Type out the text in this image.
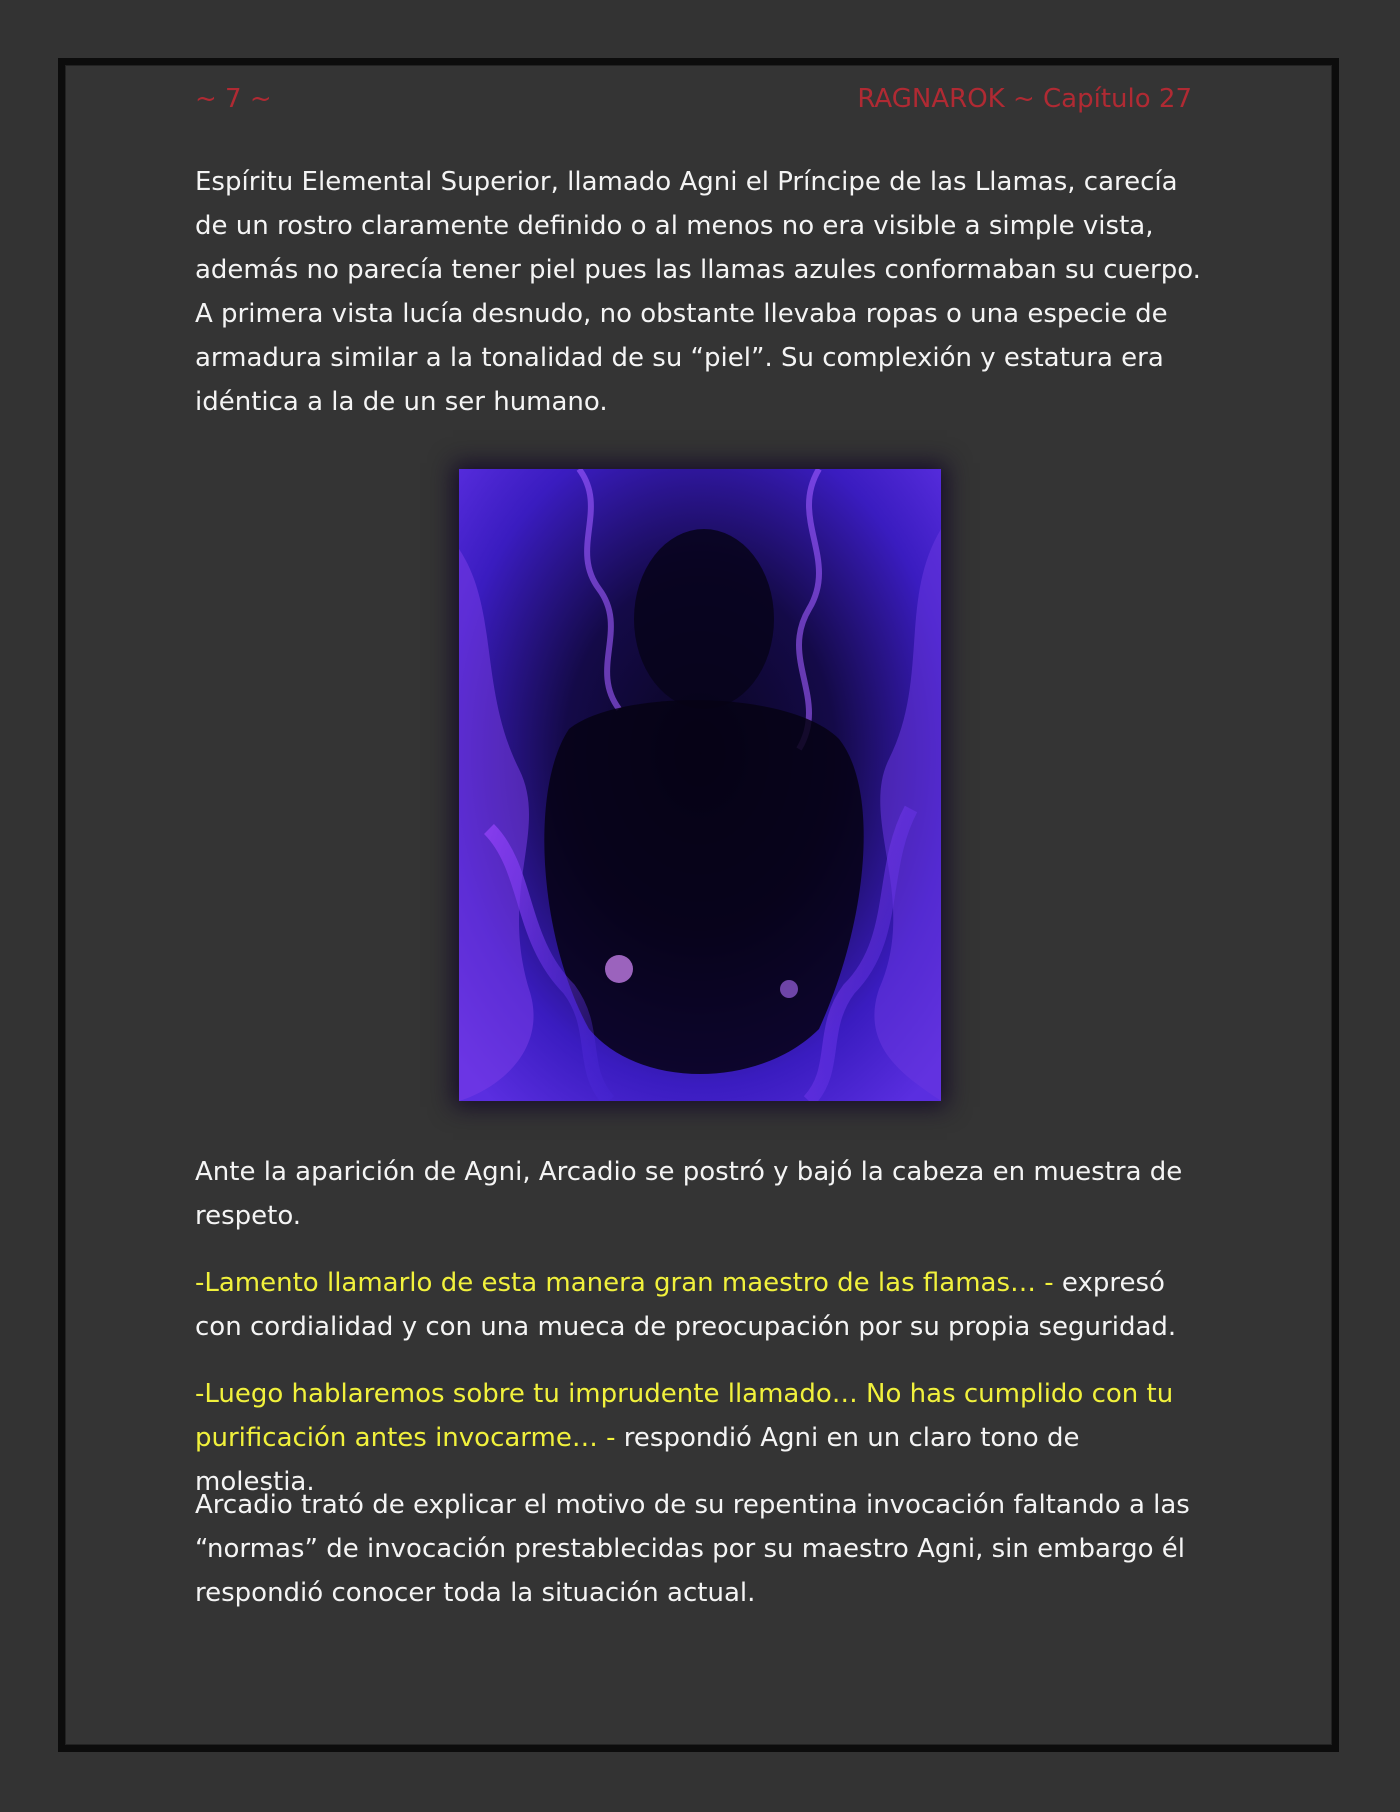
~ 7 ~	RAGNAROK ~ Capítulo 27

Espíritu Elemental Superior, llamado Agni el Príncipe de las Llamas, carecía de un rostro claramente definido o al menos no era visible a simple vista, además no parecía tener piel pues las llamas azules conformaban su cuerpo. A primera vista lucía desnudo, no obstante llevaba ropas o una especie de armadura similar a la tonalidad de su “piel”. Su complexión y estatura era idéntica a la de un ser humano.

Ante la aparición de Agni, Arcadio se postró y bajó la cabeza en muestra de respeto.

-Lamento llamarlo de esta manera gran maestro de las flamas… - expresó con cordialidad y con una mueca de preocupación por su propia seguridad.

-Luego hablaremos sobre tu imprudente llamado… No has cumplido con tu purificación antes invocarme… - respondió Agni en un claro tono de molestia.

Arcadio trató de explicar el motivo de su repentina invocación faltando a las “normas” de invocación prestablecidas por su maestro Agni, sin embargo él respondió conocer toda la situación actual.
